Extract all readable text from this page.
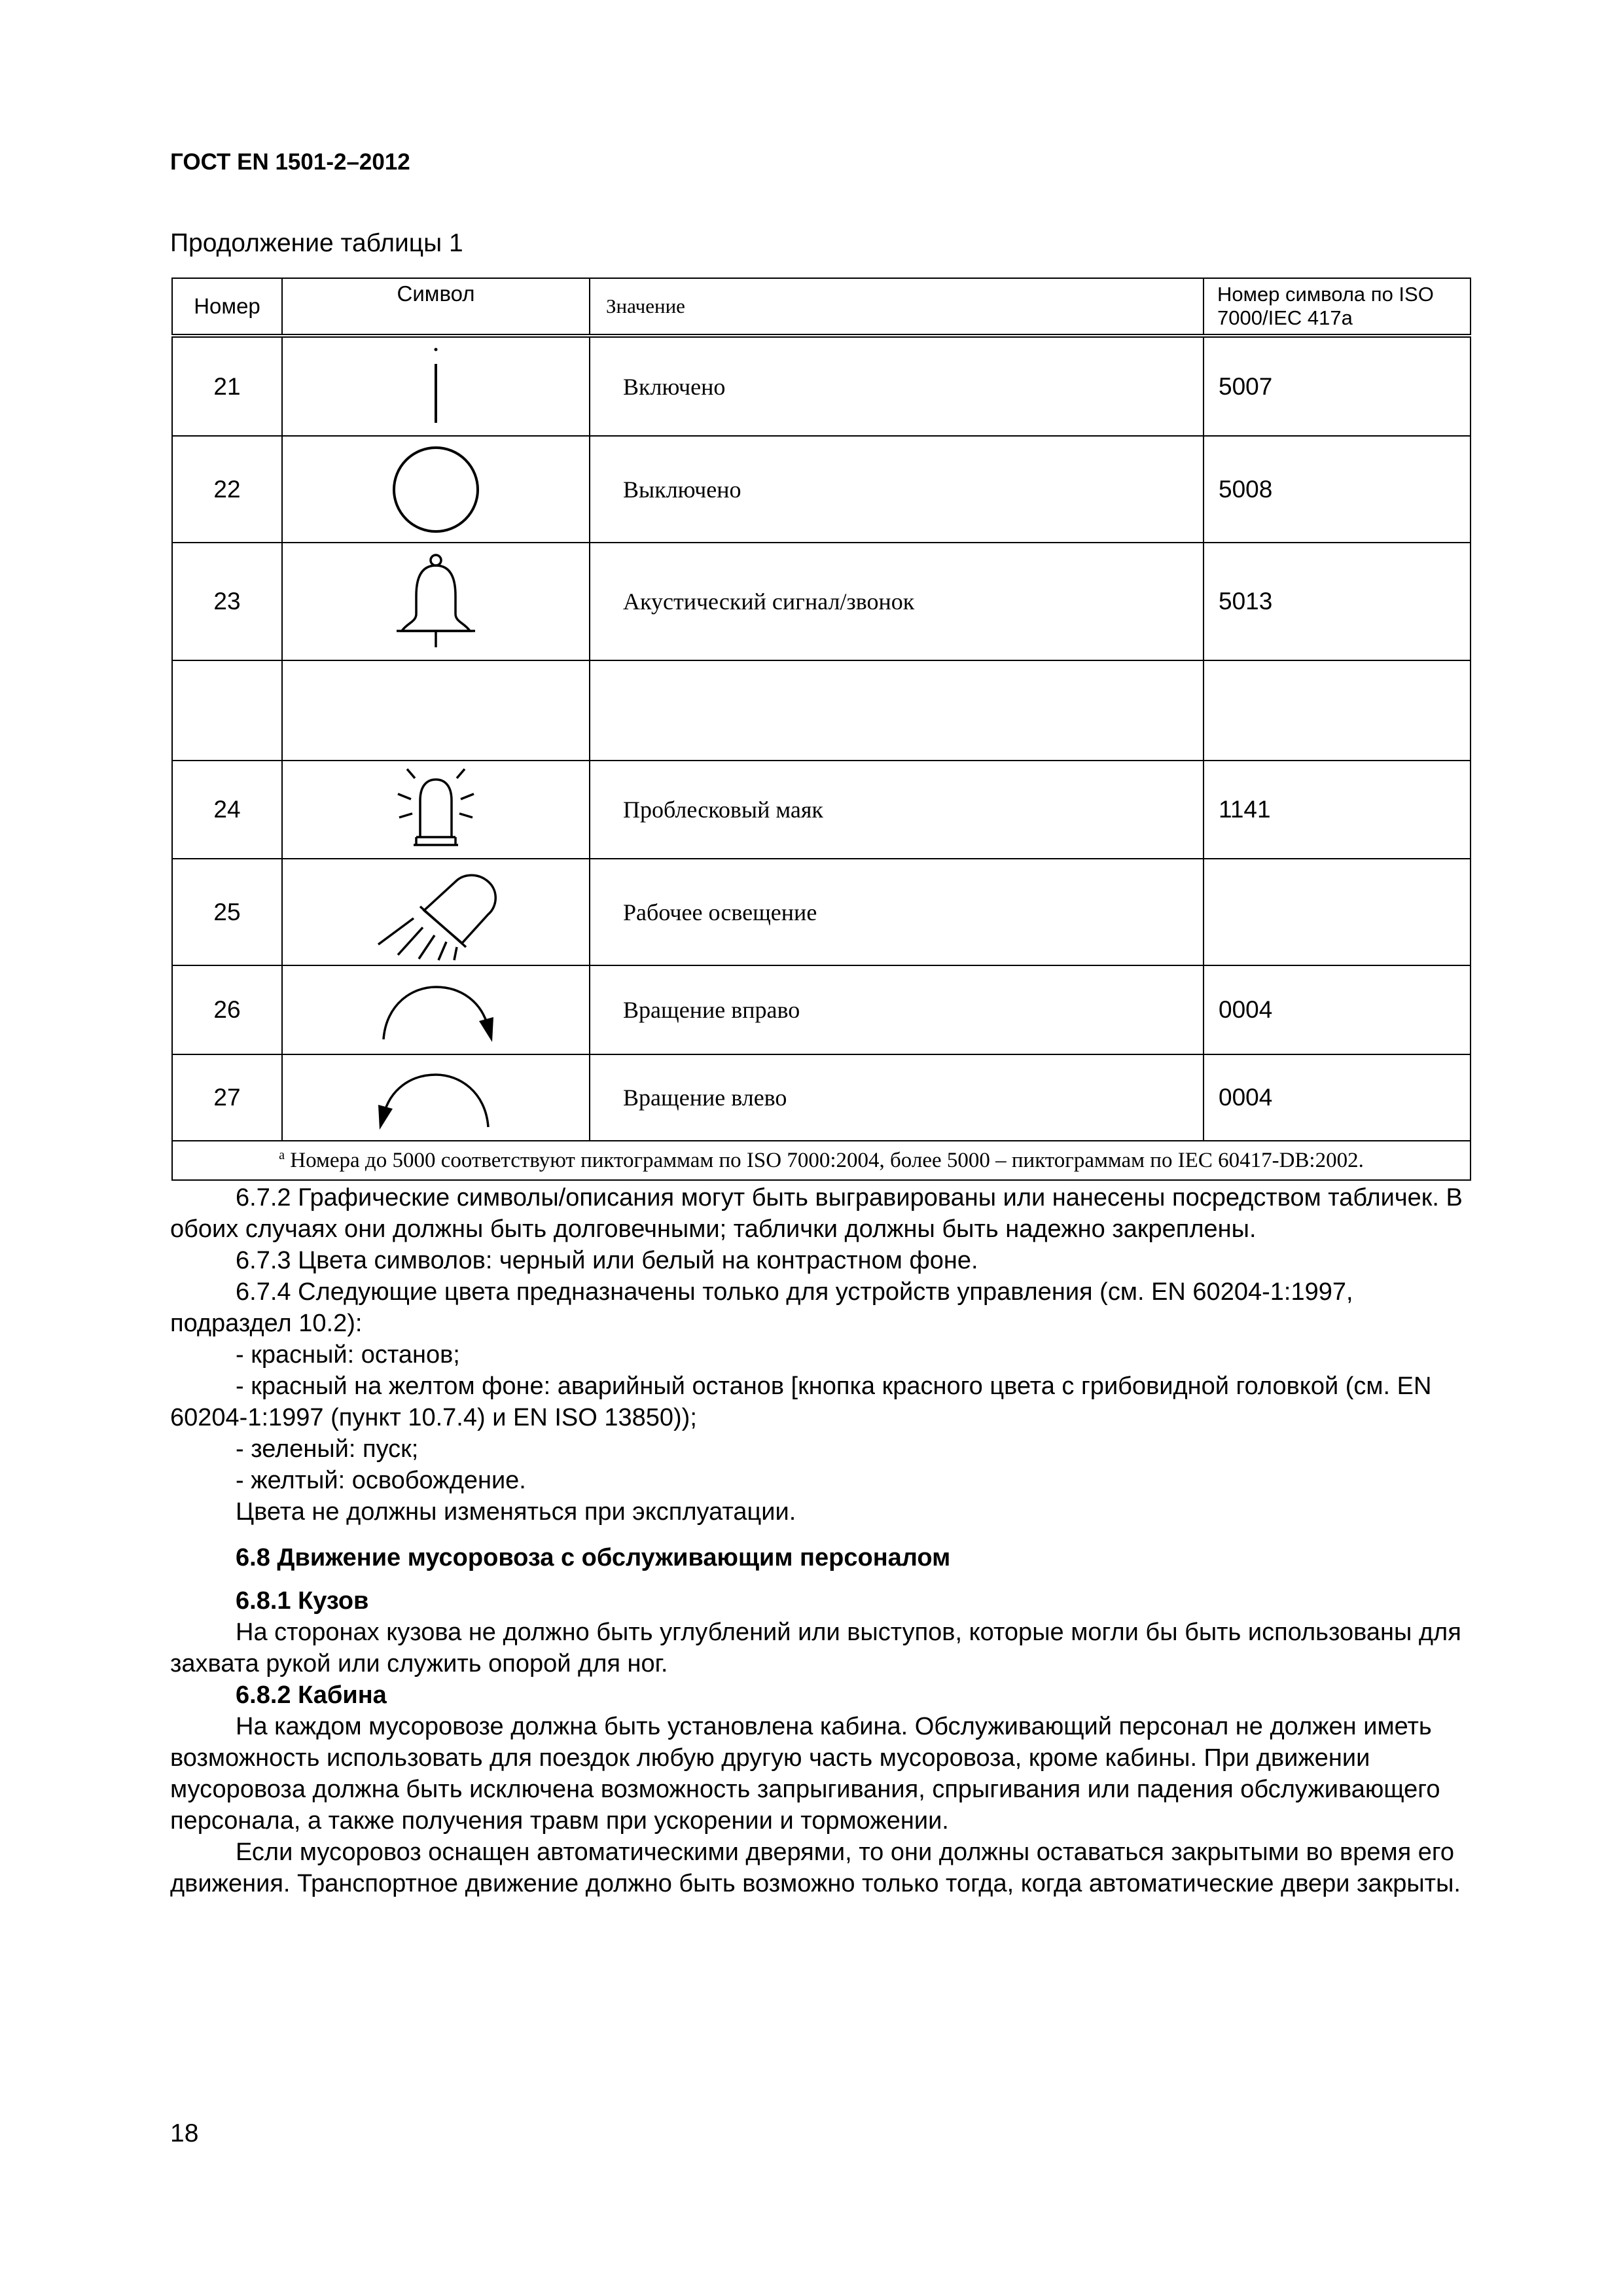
ГОСТ EN 1501-2–2012
Продолжение таблицы 1
Номер	Символ	Значение	Номер символа по ISO 7000/IEC 417a
21		Включено	5007
22		Выключено	5008
23		Акустический сигнал/звонок	5013

24		Проблесковый маяк	1141
25		Рабочее освещение	
26		Вращение вправо	0004
27		Вращение влево	0004
$^a$ Номера до 5000 соответствуют пиктограммам по ISO 7000:2004, более 5000 – пиктограммам по IEC 60417-DB:2002.			

6.7.2 Графические символы/описания могут быть выгравированы или нанесены посредством табличек. В обоих случаях они должны быть долговечными; таблички должны быть надежно закреплены.

6.7.3 Цвета символов: черный или белый на контрастном фоне.

6.7.4 Следующие цвета предназначены только для устройств управления (см. EN 60204-1:1997, подраздел 10.2):

- красный: останов;

- красный на желтом фоне: аварийный останов [кнопка красного цвета с грибовидной головкой (см. EN 60204-1:1997 (пункт 10.7.4) и EN ISO 13850));

- зеленый: пуск;

- желтый: освобождение.

Цвета не должны изменяться при эксплуатации.

6.8 Движение мусоровоза с обслуживающим персоналом

6.8.1 Кузов

На сторонах кузова не должно быть углублений или выступов, которые могли бы быть использованы для захвата рукой или служить опорой для ног.

6.8.2 Кабина

На каждом мусоровозе должна быть установлена кабина. Обслуживающий персонал не должен иметь возможность использовать для поездок любую другую часть мусоровоза, кроме кабины. При движении мусоровоза должна быть исключена возможность запрыгивания, спрыгивания или падения обслуживающего персонала, а также получения травм при ускорении и торможении.

Если мусоровоз оснащен автоматическими дверями, то они должны оставаться закрытыми во время его движения. Транспортное движение должно быть возможно только тогда, когда автоматические двери закрыты.

18
